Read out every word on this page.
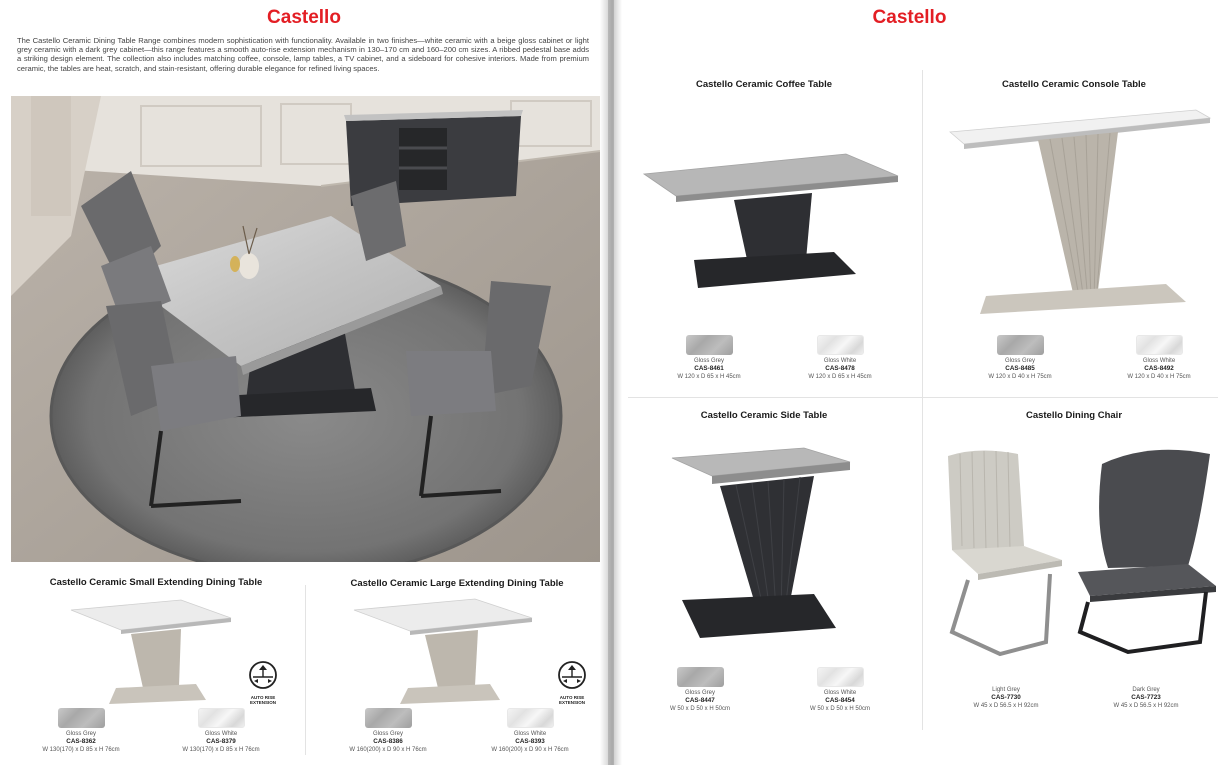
Castello

The Castello Ceramic Dining Table Range combines modern sophistication with functionality. Available in two finishes—white ceramic with a beige gloss cabinet or light grey ceramic with a dark grey cabinet—this range features a smooth auto-rise extension mechanism in 130–170 cm and 160–200 cm sizes. A ribbed pedestal base adds a striking design element. The collection also includes matching coffee, console, lamp tables, a TV cabinet, and a sideboard for cohesive interiors. Made from premium ceramic, the tables are heat, scratch, and stain-resistant, offering durable elegance for refined living spaces.

Castello Ceramic Small Extending Dining Table
AUTO RISE EXTENSION
Gloss Grey
CAS-8362
W 130(170) x D 85 x H 76cm
Gloss White
CAS-8379
W 130(170) x D 85 x H 76cm
Castello Ceramic Large Extending Dining Table
AUTO RISE EXTENSION
Gloss Grey
CAS-8386
W 160(200) x D 90 x H 76cm
Gloss White
CAS-8393
W 160(200) x D 90 x H 76cm
Castello
Castello Ceramic Coffee Table
Gloss Grey
CAS-8461
W 120 x D 65 x H 45cm
Gloss White
CAS-8478
W 120 x D 65 x H 45cm
Castello Ceramic Console Table
Gloss Grey
CAS-8485
W 120 x D 40 x H 75cm
Gloss White
CAS-8492
W 120 x D 40 x H 75cm
Castello Ceramic Side Table
Gloss Grey
CAS-8447
W 50 x D 50 x H 50cm
Gloss White
CAS-8454
W 50 x D 50 x H 50cm
Castello Dining Chair
Light Grey
CAS-7730
W 45 x D 56.5 x H 92cm
Dark Grey
CAS-7723
W 45 x D 56.5 x H 92cm
